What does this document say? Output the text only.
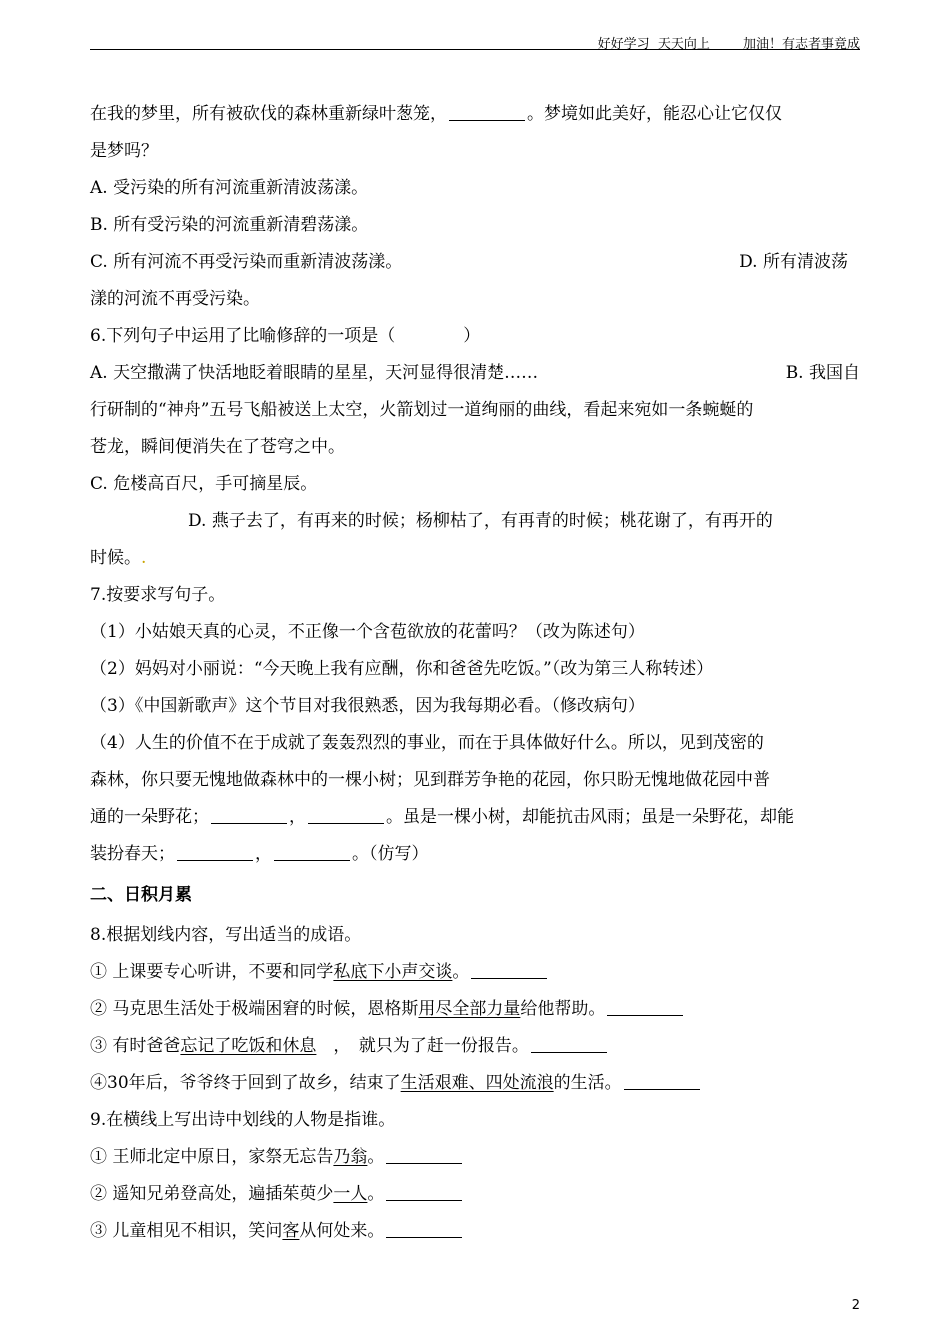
好好学习  天天向上	加油！有志者事竟成
在我的梦里，所有被砍伐的森林重新绿叶葱笼，	。梦境如此美好，能忍心让它仅仅
是梦吗？
A. 受污染的所有河流重新清波荡漾。
B. 所有受污染的河流重新清碧荡漾。
C. 所有河流不再受污染而重新清波荡漾。	D. 所有清波荡
漾的河流不再受污染。
6.下列句子中运用了比喻修辞的一项是（　　　　）
A. 天空撒满了快活地眨着眼睛的星星，天河显得很清楚……	B. 我国自
行研制的“神舟”五号飞船被送上太空，火箭划过一道绚丽的曲线，看起来宛如一条蜿蜒的
苍龙，瞬间便消失在了苍穹之中。
C. 危楼高百尺，手可摘星辰。
D. 燕子去了，有再来的时候；杨柳枯了，有再青的时候；桃花谢了，有再开的
时候。.
7.按要求写句子。
（1）小姑娘天真的心灵，不正像一个含苞欲放的花蕾吗？（改为陈述句）
（2）妈妈对小丽说：“今天晚上我有应酬，你和爸爸先吃饭。”（改为第三人称转述）
（3）《中国新歌声》这个节目对我很熟悉，因为我每期必看。（修改病句）
（4）人生的价值不在于成就了轰轰烈烈的事业，而在于具体做好什么。所以，见到茂密的
森林，你只要无愧地做森林中的一棵小树；见到群芳争艳的花园，你只盼无愧地做花园中普
通的一朵野花；	，	。虽是一棵小树，却能抗击风雨；虽是一朵野花，却能
装扮春天；	，	。（仿写）
二、日积月累
8.根据划线内容，写出适当的成语。
① 上课要专心听讲，不要和同学私底下小声交谈。
② 马克思生活处于极端困窘的时候，恩格斯用尽全部力量给他帮助。
③ 有时爸爸忘记了吃饭和休息　，　就只为了赶一份报告。
④30年后，爷爷终于回到了故乡，结束了生活艰难、四处流浪的生活。
9.在横线上写出诗中划线的人物是指谁。
① 王师北定中原日，家祭无忘告乃翁。
② 遥知兄弟登高处，遍插茱萸少一人。
③ 儿童相见不相识，笑问客从何处来。
2
